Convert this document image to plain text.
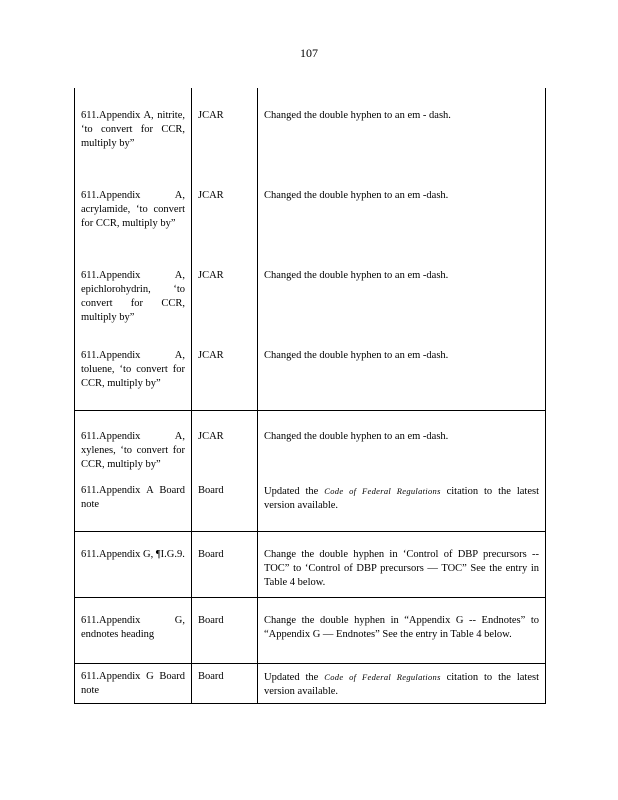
107
611.Appendix A, nitrite, ‘to convert for CCR, multiply by”	JCAR	Changed the double hyphen to an em - dash.
611.Appendix A, acrylamide, ‘to convert for CCR, multiply by”	JCAR	Changed the double hyphen to an em -dash.
611.Appendix A, epichlorohydrin, ‘to convert for CCR, multiply by”	JCAR	Changed the double hyphen to an em -dash.
611.Appendix A, toluene, ‘to convert for CCR, multiply by”	JCAR	Changed the double hyphen to an em -dash.
611.Appendix A, xylenes, ‘to convert for CCR, multiply by”	JCAR	Changed the double hyphen to an em -dash.
611.Appendix A Board note	Board	Updated the Code of Federal Regulations citation to the latest version available.
611.Appendix G, ¶I.G.9.	Board	Change the double hyphen in ‘Control of DBP precursors -- TOC” to ‘Control of DBP precursors — TOC” See the entry in Table 4 below.
611.Appendix G, endnotes heading	Board	Change the double hyphen in “Appendix G -- Endnotes” to “Appendix G — Endnotes” See the entry in Table 4 below.
611.Appendix G Board note	Board	Updated the Code of Federal Regulations citation to the latest version available.
